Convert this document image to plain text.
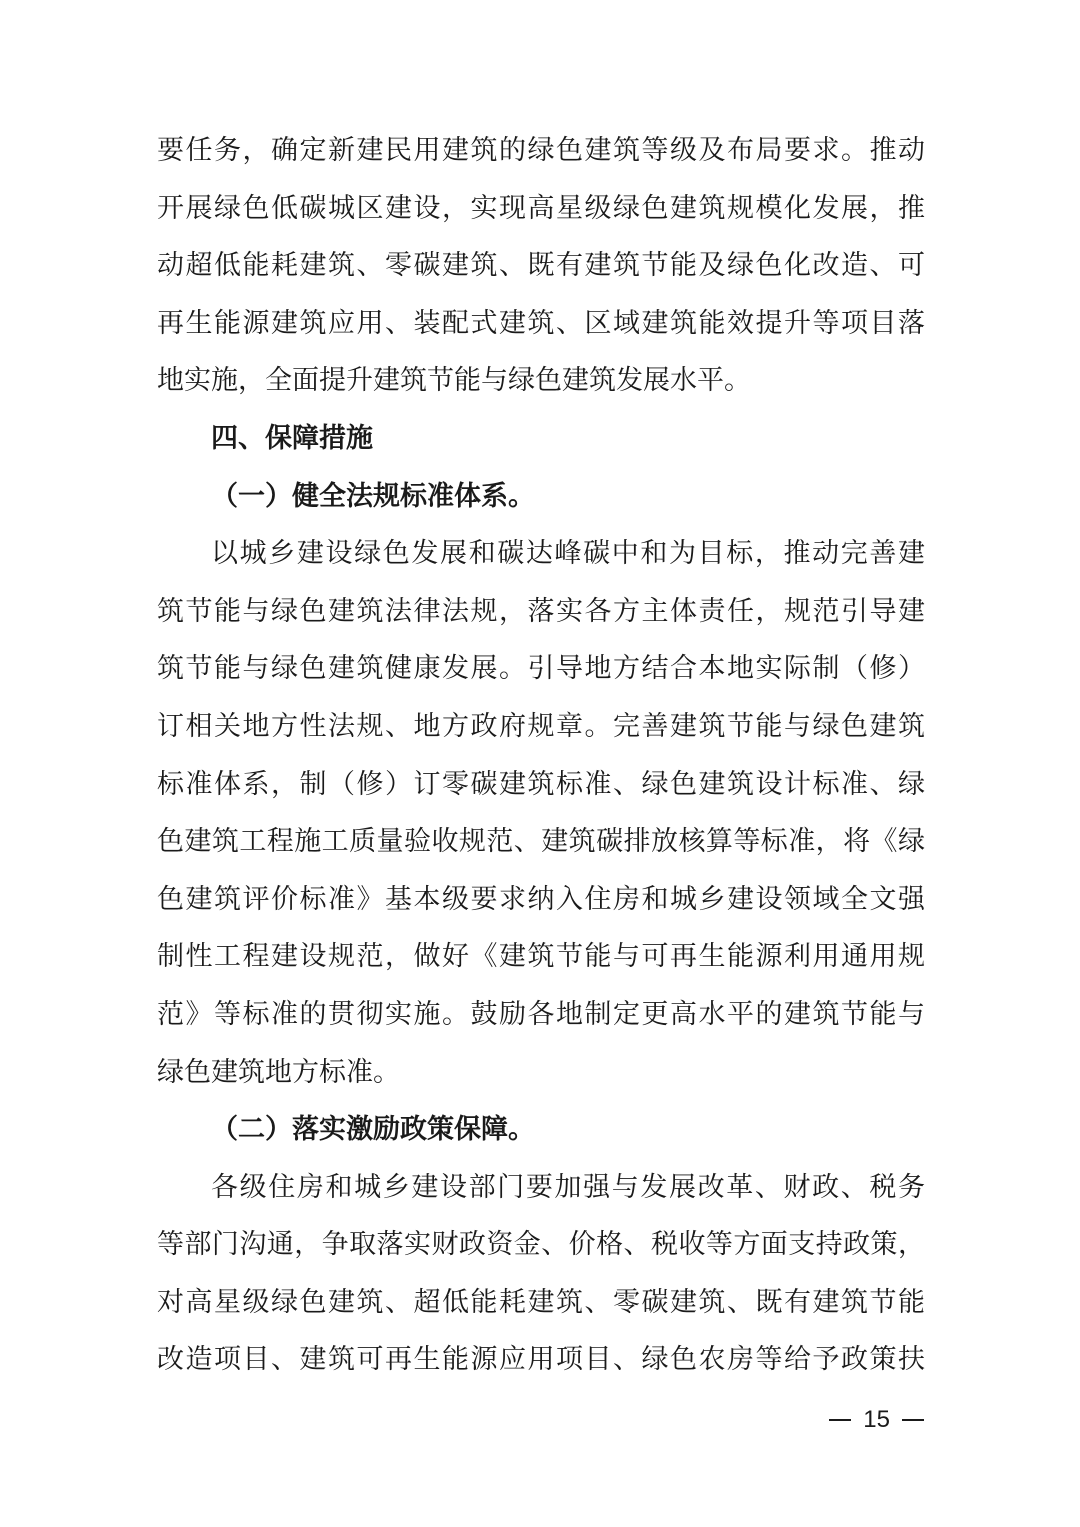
要任务，确定新建民用建筑的绿色建筑等级及布局要求。推动
开展绿色低碳城区建设，实现高星级绿色建筑规模化发展，推
动超低能耗建筑、零碳建筑、既有建筑节能及绿色化改造、可
再生能源建筑应用、装配式建筑、区域建筑能效提升等项目落
地实施，全面提升建筑节能与绿色建筑发展水平。
四、保障措施
（一）健全法规标准体系。
以城乡建设绿色发展和碳达峰碳中和为目标，推动完善建
筑节能与绿色建筑法律法规，落实各方主体责任，规范引导建
筑节能与绿色建筑健康发展。引导地方结合本地实际制（修）
订相关地方性法规、地方政府规章。完善建筑节能与绿色建筑
标准体系，制（修）订零碳建筑标准、绿色建筑设计标准、绿
色建筑工程施工质量验收规范、建筑碳排放核算等标准，将《绿
色建筑评价标准》基本级要求纳入住房和城乡建设领域全文强
制性工程建设规范，做好《建筑节能与可再生能源利用通用规
范》等标准的贯彻实施。鼓励各地制定更高水平的建筑节能与
绿色建筑地方标准。
（二）落实激励政策保障。
各级住房和城乡建设部门要加强与发展改革、财政、税务
等部门沟通，争取落实财政资金、价格、税收等方面支持政策，
对高星级绿色建筑、超低能耗建筑、零碳建筑、既有建筑节能
改造项目、建筑可再生能源应用项目、绿色农房等给予政策扶
15
